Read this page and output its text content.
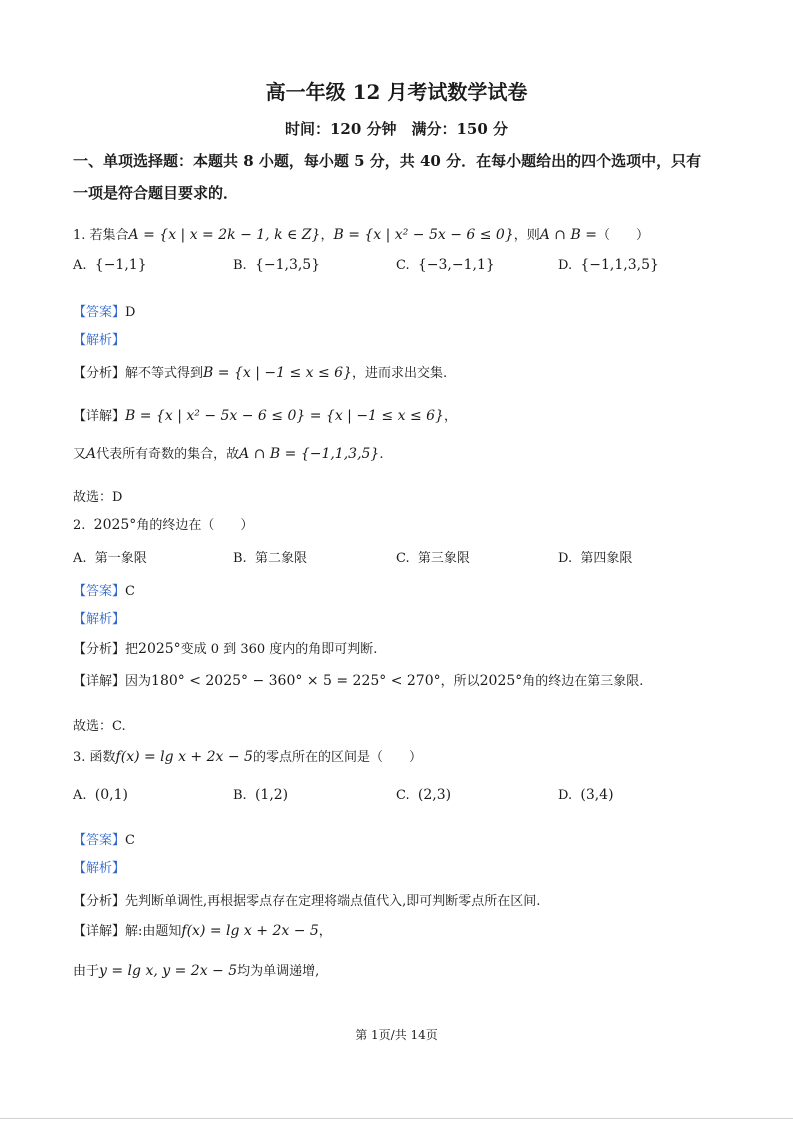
高一年级 12 月考试数学试卷
时间：120 分钟　满分：150 分
一、单项选择题：本题共 8 小题，每小题 5 分，共 40 分．在每小题给出的四个选项中，只有
一项是符合题目要求的．
1. 若集合A = {x | x = 2k − 1, k ∈ Z}，B = {x | x² − 5x − 6 ≤ 0}，则A ∩ B =（　　）
A. {−1,1}	B. {−1,3,5}	C. {−3,−1,1}	D. {−1,1,3,5}
【答案】D
【解析】
【分析】解不等式得到B = {x | −1 ≤ x ≤ 6}，进而求出交集.
【详解】B = {x | x² − 5x − 6 ≤ 0} = {x | −1 ≤ x ≤ 6}，
又A代表所有奇数的集合，故A ∩ B = {−1,1,3,5}.
故选：D
2. 2025°角的终边在（　　）
A. 第一象限	B. 第二象限	C. 第三象限	D. 第四象限
【答案】C
【解析】
【分析】把2025°变成 0 到 360 度内的角即可判断.
【详解】因为180° < 2025° − 360° × 5 = 225° < 270°，所以2025°角的终边在第三象限.
故选：C.
3. 函数f(x) = lg x + 2x − 5的零点所在的区间是（　　）
A. (0,1)	B. (1,2)	C. (2,3)	D. (3,4)
【答案】C
【解析】
【分析】先判断单调性,再根据零点存在定理将端点值代入,即可判断零点所在区间.
【详解】解:由题知f(x) = lg x + 2x − 5，
由于y = lg x, y = 2x − 5均为单调递增,
第 1页/共 14页
